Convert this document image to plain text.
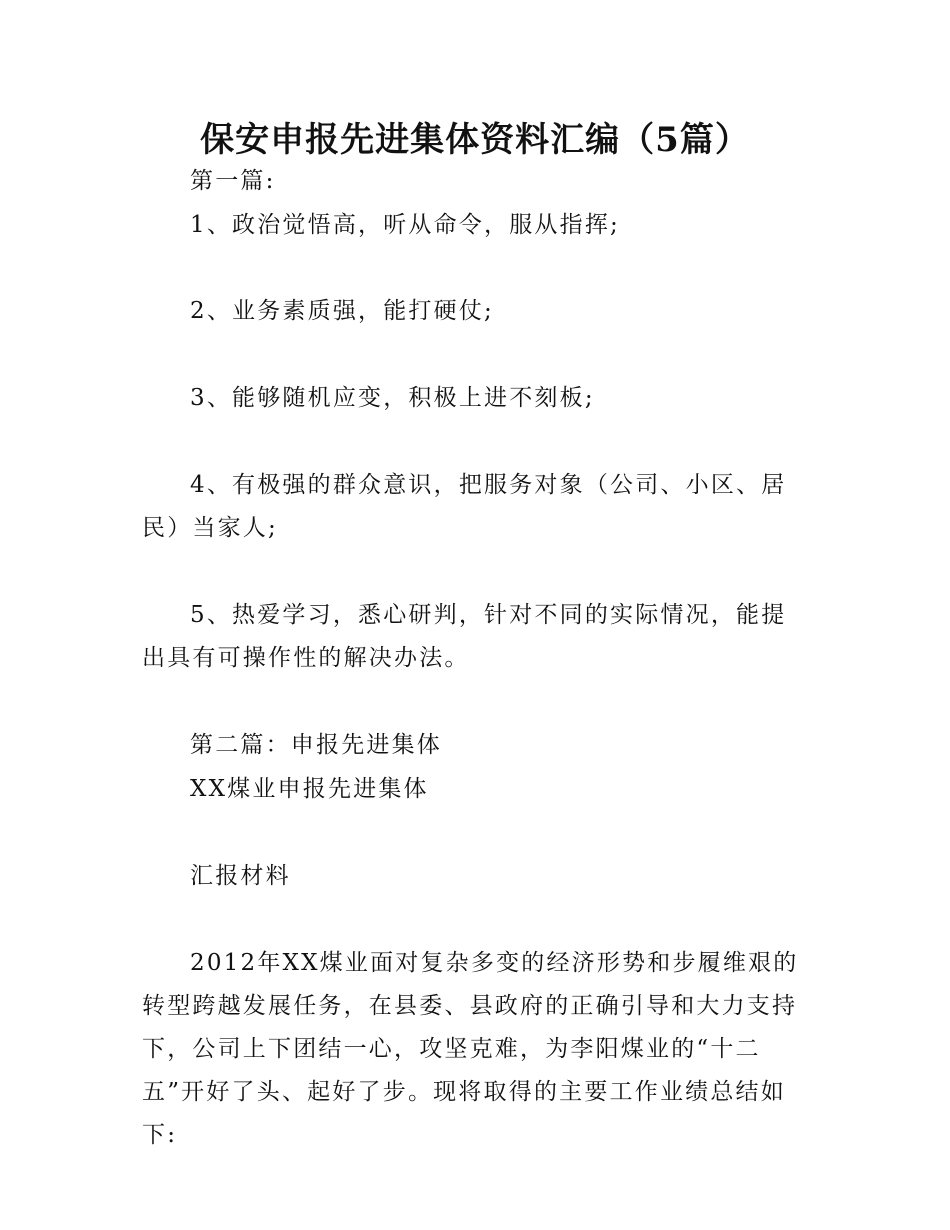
保安申报先进集体资料汇编（5篇）

第一篇:

1、政治觉悟高，听从命令，服从指挥;

2、业务素质强，能打硬仗;

3、能够随机应变，积极上进不刻板;

4、有极强的群众意识，把服务对象（公司、小区、居民）当家人;

5、热爱学习，悉心研判，针对不同的实际情况，能提出具有可操作性的解决办法。

第二篇：申报先进集体

XX煤业申报先进集体

汇报材料

2012年XX煤业面对复杂多变的经济形势和步履维艰的转型跨越发展任务，在县委、县政府的正确引导和大力支持下，公司上下团结一心，攻坚克难，为李阳煤业的“十二五”开好了头、起好了步。现将取得的主要工作业绩总结如下:
